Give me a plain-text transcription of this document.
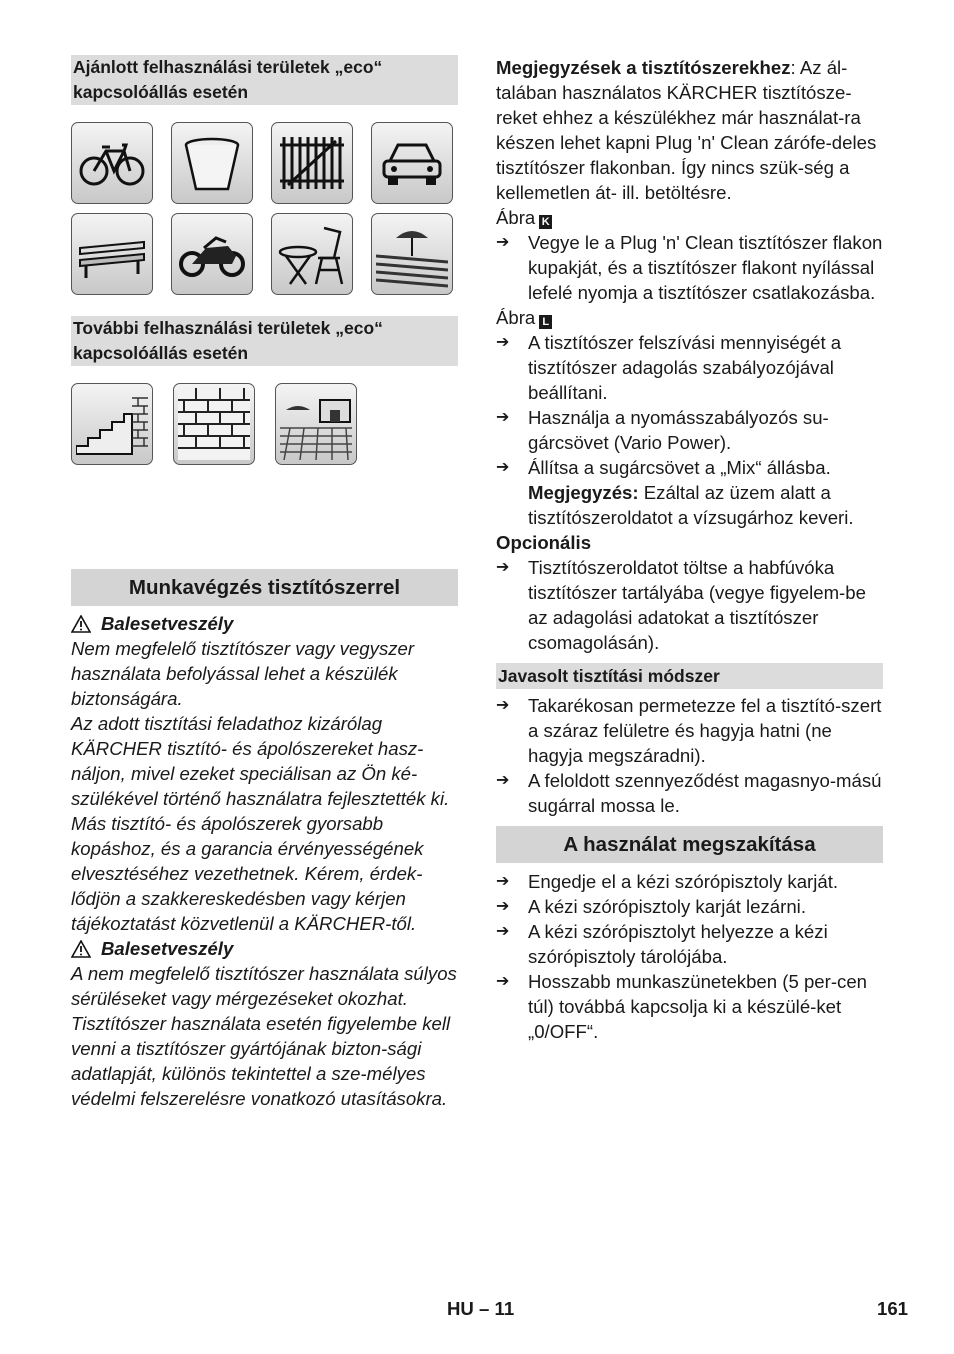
Ajánlott felhasználási területek „eco“ kapcsolóállás esetén
További felhasználási területek „eco“ kapcsolóállás esetén
Munkavégzés tisztítószerrel
Balesetveszély

Nem megfelelő tisztítószer vagy vegyszer használata befolyással lehet a készülék biztonságára.

Az adott tisztítási feladathoz kizárólag KÄRCHER tisztító- és ápolószereket hasz-náljon, mivel ezeket speciálisan az Ön ké-szülékével történő használatra fejlesztették ki. Más tisztító- és ápolószerek gyorsabb kopáshoz, és a garancia érvényességének elvesztéséhez vezethetnek. Kérem, érdek-lődjön a szakkereskedésben vagy kérjen tájékoztatást közvetlenül a KÄRCHER-től.

Balesetveszély

A nem megfelelő tisztítószer használata súlyos sérüléseket vagy mérgezéseket okozhat.

Tisztítószer használata esetén figyelembe kell venni a tisztítószer gyártójának bizton-sági adatlapját, különös tekintettel a sze-mélyes védelmi felszerelésre vonatkozó utasításokra.

Megjegyzések a tisztítószerekhez: Az ál-talában használatos KÄRCHER tisztítósze-reket ehhez a készülékhez már használat-ra készen lehet kapni Plug 'n' Clean zárófe-deles tisztítószer flakonban. Így nincs szük-ség a kellemetlen át- ill. betöltésre.

Ábra K

➔ Vegye le a Plug 'n' Clean tisztítószer flakon kupakját, és a tisztítószer flakont nyílással lefelé nyomja a tisztítószer csatlakozásba.

Ábra L

➔ A tisztítószer felszívási mennyiségét a tisztítószer adagolás szabályozójával beállítani.
➔ Használja a nyomásszabályozós su-gárcsövet (Vario Power).
➔ Állítsa a sugárcsövet a „Mix“ állásba.
Megjegyzés: Ezáltal az üzem alatt a tisztítószeroldatot a vízsugárhoz keveri.

Opcionális

➔ Tisztítószeroldatot töltse a habfúvóka tisztítószer tartályába (vegye figyelem-be az adagolási adatokat a tisztítószer csomagolásán).
Javasolt tisztítási módszer
➔ Takarékosan permetezze fel a tisztító-szert a száraz felületre és hagyja hatni (ne hagyja megszáradni).
➔ A feloldott szennyeződést magasnyo-mású sugárral mossa le.
A használat megszakítása
➔ Engedje el a kézi szórópisztoly karját.
➔ A kézi szórópisztoly karját lezárni.
➔ A kézi szórópisztolyt helyezze a kézi szórópisztoly tárolójába.
➔ Hosszabb munkaszünetekben (5 per-cen túl) továbbá kapcsolja ki a készülé-ket „0/OFF“.
HU – 11	161
